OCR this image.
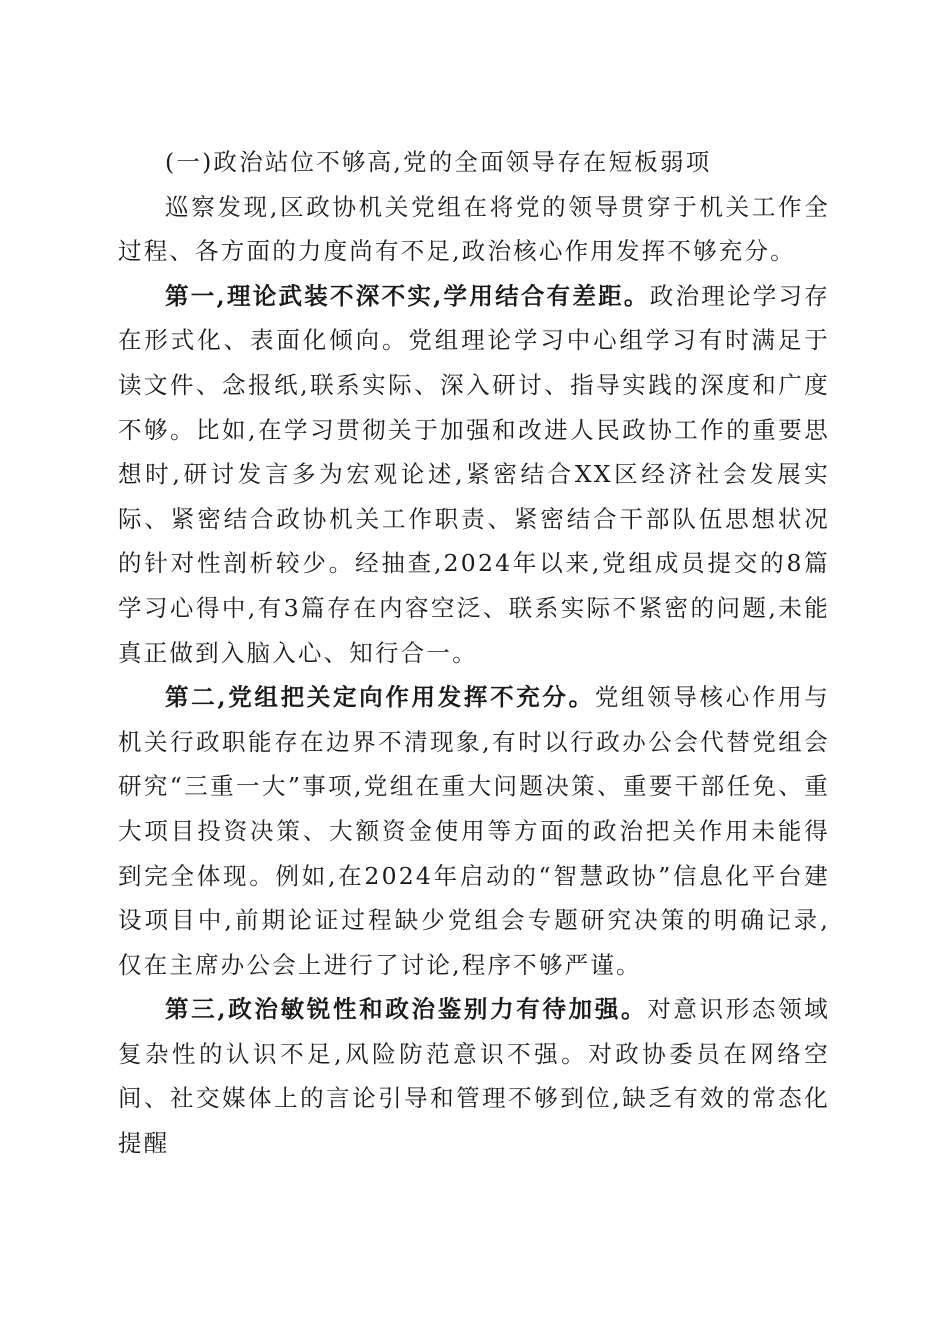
(一)政治站位不够高,党的全面领导存在短板弱项

巡察发现,区政协机关党组在将党的领导贯穿于机关工作全过程、各方面的力度尚有不足,政治核心作用发挥不够充分。

第一,理论武装不深不实,学用结合有差距。政治理论学习存在形式化、表面化倾向。党组理论学习中心组学习有时满足于读文件、念报纸,联系实际、深入研讨、指导实践的深度和广度不够。比如,在学习贯彻关于加强和改进人民政协工作的重要思想时,研讨发言多为宏观论述,紧密结合XX区经济社会发展实际、紧密结合政协机关工作职责、紧密结合干部队伍思想状况的针对性剖析较少。经抽查,2024年以来,党组成员提交的8篇学习心得中,有3篇存在内容空泛、联系实际不紧密的问题,未能真正做到入脑入心、知行合一。

第二,党组把关定向作用发挥不充分。党组领导核心作用与机关行政职能存在边界不清现象,有时以行政办公会代替党组会研究“三重一大”事项,党组在重大问题决策、重要干部任免、重大项目投资决策、大额资金使用等方面的政治把关作用未能得到完全体现。例如,在2024年启动的“智慧政协”信息化平台建设项目中,前期论证过程缺少党组会专题研究决策的明确记录,仅在主席办公会上进行了讨论,程序不够严谨。

第三,政治敏锐性和政治鉴别力有待加强。对意识形态领域复杂性的认识不足,风险防范意识不强。对政协委员在网络空间、社交媒体上的言论引导和管理不够到位,缺乏有效的常态化提醒
